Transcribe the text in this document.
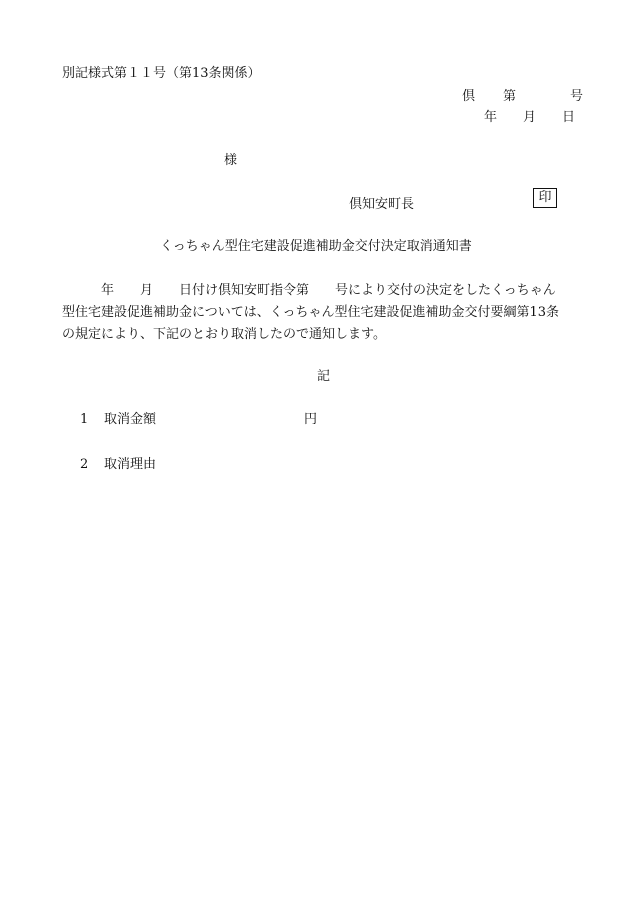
別記様式第１１号（第13条関係）
倶 第	号
年 月 日
様
倶知安町長	印
くっちゃん型住宅建設促進補助金交付決定取消通知書
　　　年　　月　　日付け倶知安町指令第　　号により交付の決定をしたくっちゃん
型住宅建設促進補助金については、くっちゃん型住宅建設促進補助金交付要綱第13条
の規定により、下記のとおり取消したので通知します。
記
1 取消金額	円
2 取消理由
